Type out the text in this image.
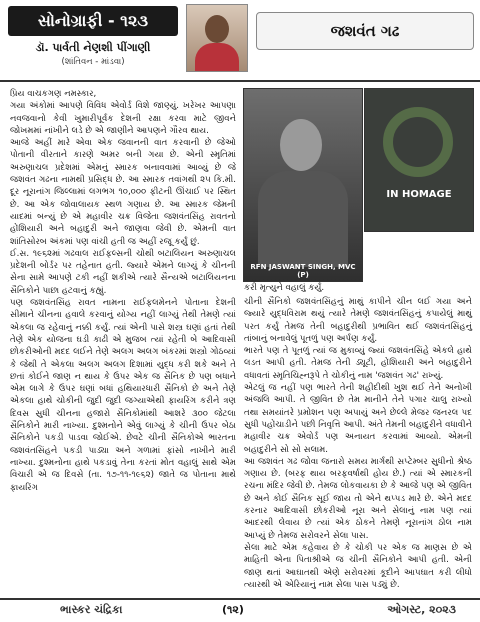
સોનોગ્રાફી - ૧૨૩
ડૉ. પાર્વતી નેણશી પીંગાણી
(શાંતિવન - માંડવા)
જશવંત ગઢ

પ્રિય વાચકગણ નમસ્કાર,

ગયા અંકોમાં આપણે વિવિધ એવોર્ડ વિશે જાણ્યું. ખરેખર આપણા નવજવાનો કેવી ખુમારીપૂર્વક દેશની રક્ષા કરવા માટે જીવને જોખમમાં નાંખીને લડે છે એ જાણીને આપણને ગૌરવ થાય.

આજે અહીં મારે એવા એક જવાનની વાત કરવાની છે જેઓ પોતાની વીરતાને કારણે અમર બની ગયા છે. એની સ્મૃતિમાં અરુણાચલ પ્રદેશમાં એમનું સ્મારક બનાવવામાં આવ્યું છે જે જશવંત ગઢના નામથી પ્રસિદ્ધ છે. આ સ્મારક તવાંગથી ૨૫ કિ.મી. દૂર નૂરાનાંગ જિલ્લામાં લગભગ ૧૦,૦૦૦ ફીટની ઊંચાઈ પર સ્થિત છે. આ એક જોવાલાયક સ્થળ ગણાય છે. આ સ્મારક જેમની યાદમાં બન્યું છે એ મહાવીર ચક્ર વિજેતા જશવંતસિંહ રાવતનો હોંશિયારી અને બહાદુરી અને જાણવા જેવી છે. એમની વાત શાંતિસોરબ અંકમાં પણ વાંચી હતી જ અહીં રજૂ કર્યું છું.

ઈ.સ. ૧૯૬૨માં ગઢવાલ રાઈફલ્સની ચોથી બટાલિયન અરુણાચલ પ્રદેશની બોર્ડર પર તહેનાત હતી. જ્યારે એમને લાગ્યું કે ચીનની સેના સામે આપણે ટકી નહીં શકીએ ત્યારે સૈન્યએ બટાલિયનના સૈનિકોને પાછા હટવાનું કહ્યું.

પણ જશવંતસિંહ રાવત નામના રાઈફલમેનને પોતાના દેશની સીમાને ચીનના હવાલે કરવાનું યોગ્ય નહીં લાગ્યું તેથી તેમણે ત્યાં એકલા જ રહેવાનું નક્કી કર્યું. ત્યાં એની પાસે શસ્ત્ર ઘણાં હતાં તેથી તેણે એક યોજના ઘડી કાઢી એ મુજબ ત્યાં રહેતી બે આદિવાસી છોકરીઓની મદદ લઈને તેણે અલગ અલગ બંકરમાં શસ્ત્રો ગોઠવ્યાં કે જેથી તે એકલા અલગ અલગ દિશામાં યુદ્ધ કરી શકે અને તે છતાં કોઈને જાણ ન થાય કે ઉપર એક જ સૈનિક છે પણ બધાને એમ લાગે કે ઉપર ઘણાં બધાં હથિયારધારી સૈનિકો છે અને તેણે એકલા હાથે ચોકીની જુદી જુદી જગ્યાએથી ફાયરિંગ કરીને ત્રણ દિવસ સુધી ચીનના હજારો સૈનિકોમાંથી આશરે ૩૦૦ જેટલા સૈનિકોને મારી નાખ્યા. દુશ્મનોને એવું લાગ્યું કે ચીની ઉપર બેઠા સૈનિકોને પકડી પાડવા જોઈએ. છેવટે ચીની સૈનિકોએ ભારતના જશવંતસિંહને પકડી પાડ્યા અને ગળામાં ફાંસો નાખીને મારી નાખ્યા. દુશ્મનોના હાથે પકડાવું તેના કરતાં મોત વહાલું સાથે એમ વિચારી એ જ દિવસે (તા. ૧૭-૧૧-૧૯૬૨) જાતે જ પોતાના માથે ફાયરિંગ

RFN JASWANT SINGH, MVC (P)
IN HOMAGE

કરી મૃત્યુને વહાલું કર્યું.

ચીની સૈનિકો જશવંતસિંહનું માથું કાપીને ચીન લઈ ગયા અને જ્યારે યુદ્ધવિરામ થયું ત્યારે તેમણે જશવંતસિંહનું કપાયેલું માથું પરત કર્યું તેમજ તેની બહાદુરીથી પ્રભાવિત થઈ જશવંતસિંહનું તાંબાનું બનાવેલું પૂતળું પણ અર્પણ કર્યું.

ભારતે પણ તે પૂતળું ત્યાં જ મુકાવ્યું જ્યાં જશવંતસિંહે એકલે હાથે લડત આપી હતી. તેમજ તેની ડ્યૂટી, હોંશિયારી અને બહાદુરીને વધાવતાં સ્મૃતિચિહ્નરૂપે તે ચોકીનું નામ 'જશવંત ગઢ' રાખ્યું.

એટલું જ નહીં પણ ભારતે તેની શહીદીથી ખુશ થઈ તેને અનોખી અંજલિ આપી. તે જીવિત છે તેમ માનીને તેને પગાર ચાલુ રાખ્યો તથા સમયાંતરે પ્રમોશન પણ અપાયું અને છેલ્લે મેજર જનરલ પદ સુધી પહોંચાડીને પછી નિવૃત્તિ આપી. અંતે તેમની બહાદુરીને વધાવીને મહાવીર ચક્ર એવોર્ડ પણ અનાયત કરવામાં આવ્યો. એમની બહાદુરીને સો સો સલામ.

આ જશવંત ગઢ જોવા જનારો સમય માર્ગથી સપ્ટેમ્બર સુધીનો શ્રેષ્ઠ ગણાય છે. (બરફ થાય બરફવર્ષાથી હોય છે.) ત્યાં એ સ્મારકની રચના મંદિર જેવી છે. તેમજ લોકવાયકા છે કે આજે પણ એ જીવિત છે અને કોઈ સૈનિક સૂઈ જાય તો એને થપ્પડ મારે છે. એને મદદ કરનાર આદિવાસી છોકરીઓ નૂરા અને સેલાનું નામ પણ ત્યાં આદરથી લેવાય છે ત્યાં એક ઠોકને તેમણે નૂરાનાંગ ઠોલ નામ આપ્યું છે તેમજ સરોવરને સેલા પાસ.

સેલા માટે એમ કહેવાય છે કે ચોકી પર એક જ માણસ છે એ માહિતી એના પિતાશ્રીએ જ ચીની સૈનિકોને આપી હતી. એની જાણ થતાં આઘાતથી એણે સરોવરમાં કૂદીને આપઘાત કરી લીધો ત્યારથી એ એરિયાનું નામ સેલા પાસ પડ્યું છે.

ભાસ્કર ચંદ્રિકા	(૧૨)	ઓગસ્ટ, ૨૦૨૩
